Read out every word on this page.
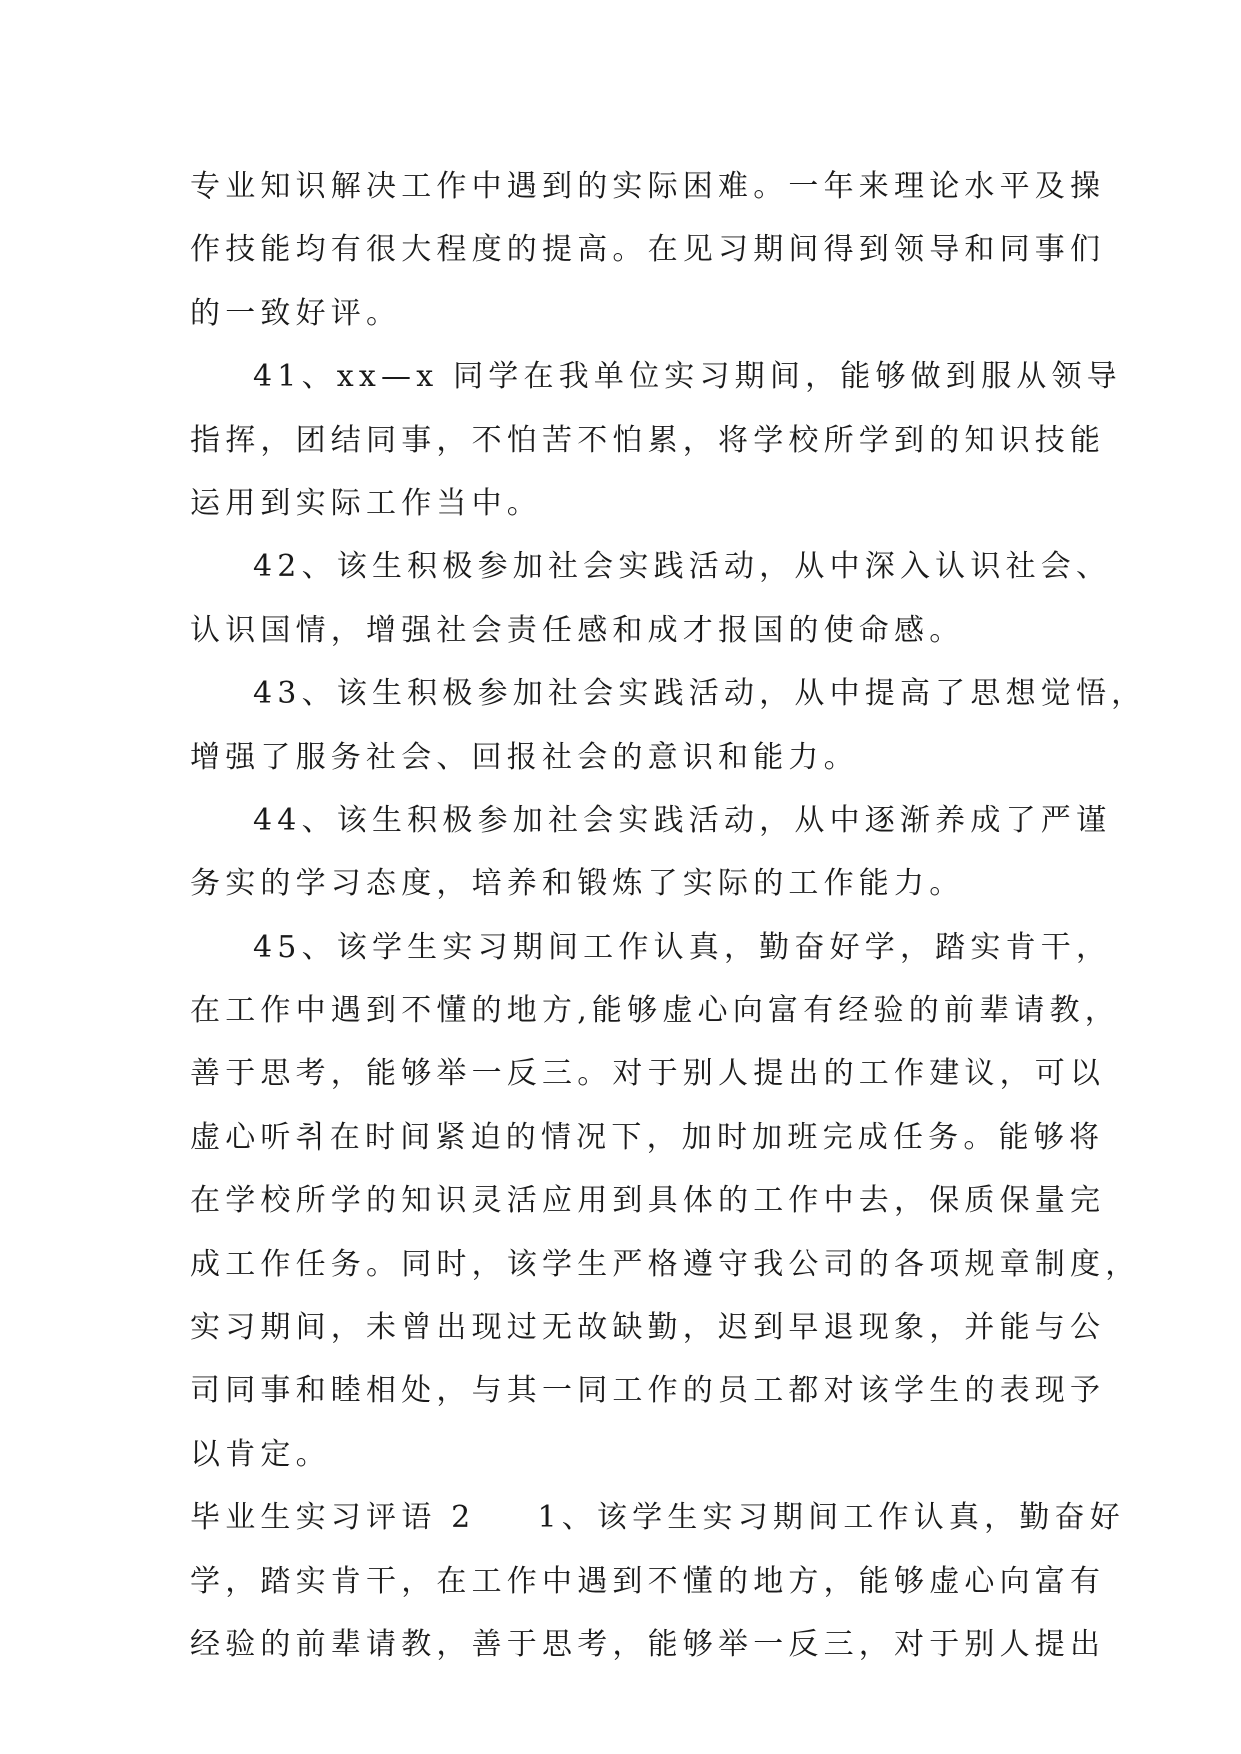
专业知识解决工作中遇到的实际困难。一年来理论水平及操
作技能均有很大程度的提高。在见习期间得到领导和同事们
的一致好评。
41、xx—x 同学在我单位实习期间，能够做到服从领导
指挥，团结同事，不怕苦不怕累，将学校所学到的知识技能
运用到实际工作当中。
42、该生积极参加社会实践活动，从中深入认识社会、
认识国情，增强社会责任感和成才报国的使命感。
43、该生积极参加社会实践活动，从中提高了思想觉悟，
增强了服务社会、回报社会的意识和能力。
44、该生积极参加社会实践活动，从中逐渐养成了严谨
务实的学习态度，培养和锻炼了实际的工作能力。
45、该学生实习期间工作认真，勤奋好学，踏实肯干，
在工作中遇到不懂的地方,能够虚心向富有经验的前辈请教，
善于思考，能够举一反三。对于别人提出的工作建议，可以
虚心听취在时间紧迫的情况下，加时加班完成任务。能够将
在学校所学的知识灵活应用到具体的工作中去，保质保量完
成工作任务。同时，该学生严格遵守我公司的各项规章制度，
实习期间，未曾出现过无故缺勤，迟到早退现象，并能与公
司同事和睦相处，与其一同工作的员工都对该学生的表现予
以肯定。
毕业生实习评语 2 1、该学生实习期间工作认真，勤奋好
学，踏实肯干，在工作中遇到不懂的地方，能够虚心向富有
经验的前辈请教，善于思考，能够举一反三，对于别人提出
